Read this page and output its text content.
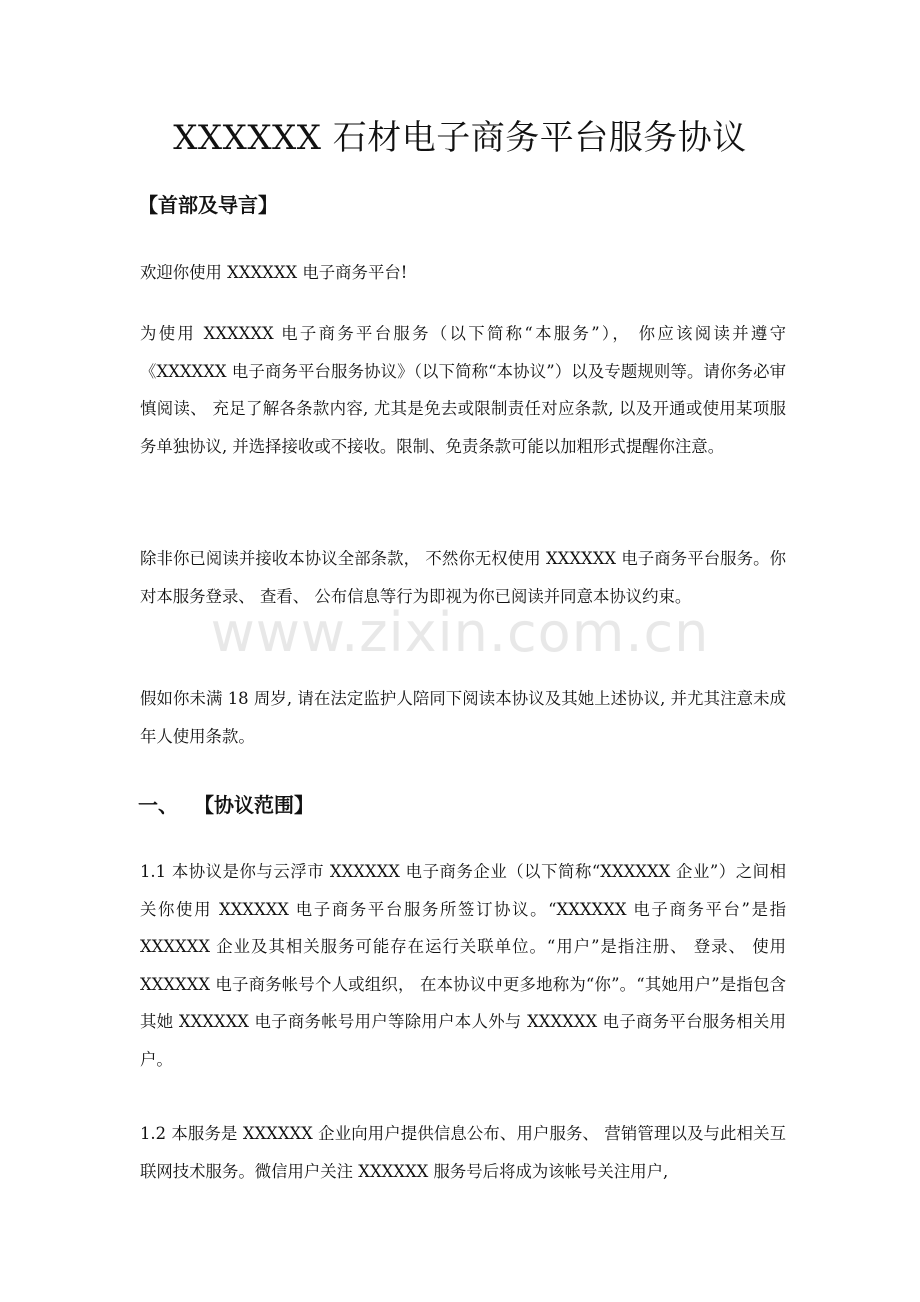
XXXXXX 石材电子商务平台服务协议
【首部及导言】

欢迎你使用 XXXXXX 电子商务平台!

为使用 XXXXXX 电子商务平台服务（以下简称“本服务”）， 你应该阅读并遵守《XXXXXX 电子商务平台服务协议》（以下简称“本协议”）以及专题规则等。请你务必审慎阅读、 充足了解各条款内容, 尤其是免去或限制责任对应条款, 以及开通或使用某项服务单独协议, 并选择接收或不接收。限制、免责条款可能以加粗形式提醒你注意。

除非你已阅读并接收本协议全部条款， 不然你无权使用 XXXXXX 电子商务平台服务。你对本服务登录、 查看、 公布信息等行为即视为你已阅读并同意本协议约束。

假如你未满 18 周岁, 请在法定监护人陪同下阅读本协议及其她上述协议, 并尤其注意未成年人使用条款。

一、 【协议范围】

1.1 本协议是你与云浮市 XXXXXX 电子商务企业（以下简称“XXXXXX 企业”）之间相关你使用 XXXXXX 电子商务平台服务所签订协议。“XXXXXX 电子商务平台”是指 XXXXXX 企业及其相关服务可能存在运行关联单位。“用户”是指注册、 登录、 使用 XXXXXX 电子商务帐号个人或组织， 在本协议中更多地称为“你”。“其她用户”是指包含其她 XXXXXX 电子商务帐号用户等除用户本人外与 XXXXXX 电子商务平台服务相关用户。

1.2 本服务是 XXXXXX 企业向用户提供信息公布、用户服务、 营销管理以及与此相关互联网技术服务。微信用户关注 XXXXXX 服务号后将成为该帐号关注用户,

www.zixin.com.cn
